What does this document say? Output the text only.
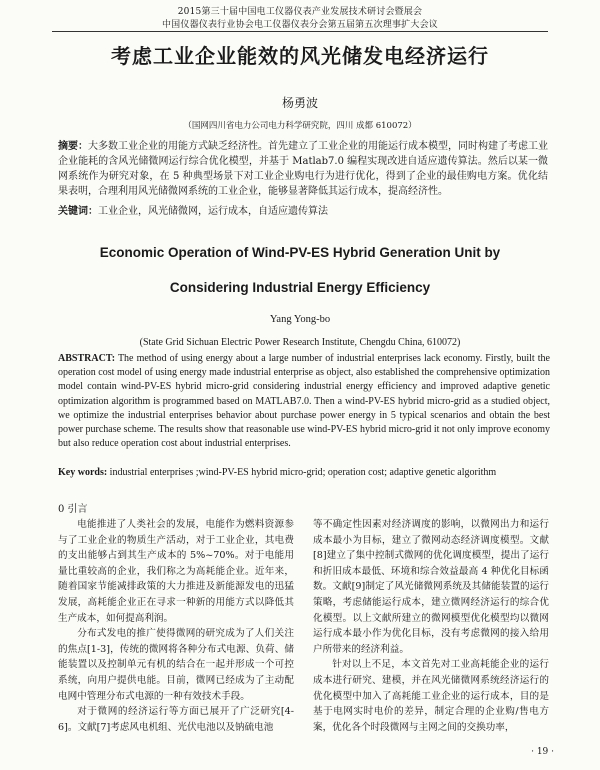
2015第三十届中国电工仪器仪表产业发展技术研讨会暨展会
中国仪器仪表行业协会电工仪器仪表分会第五届第五次理事扩大会议
考虑工业企业能效的风光储发电经济运行
杨勇波
（国网四川省电力公司电力科学研究院，四川 成都 610072）
摘要：大多数工业企业的用能方式缺乏经济性。首先建立了工业企业的用能运行成本模型，同时构建了考虑工业企业能耗的含风光储微网运行综合优化模型，并基于 Matlab7.0 编程实现改进自适应遗传算法。然后以某一微网系统作为研究对象，在 5 种典型场景下对工业企业购电行为进行优化，得到了企业的最佳购电方案。优化结果表明，合理利用风光储微网系统的工业企业，能够显著降低其运行成本，提高经济性。
关键词：工业企业，风光储微网，运行成本，自适应遗传算法
Economic Operation of Wind-PV-ES Hybrid Generation Unit by
Considering Industrial Energy Efficiency
Yang Yong-bo
(State Grid Sichuan Electric Power Research Institute, Chengdu China, 610072)
ABSTRACT: The method of using energy about a large number of industrial enterprises lack economy. Firstly, built the operation cost model of using energy made industrial enterprise as object, also established the comprehensive optimization model contain wind-PV-ES hybrid micro-grid considering industrial energy efficiency and improved adaptive genetic optimization algorithm is programmed based on MATLAB7.0. Then a wind-PV-ES hybrid micro-grid as a studied object, we optimize the industrial enterprises behavior about purchase power energy in 5 typical scenarios and obtain the best power purchase scheme. The results show that reasonable use wind-PV-ES hybrid micro-grid it not only improve economy but also reduce operation cost about industrial enterprises.
Key words: industrial enterprises ;wind-PV-ES hybrid micro-grid; operation cost; adaptive genetic algorithm
0 引言

电能推进了人类社会的发展，电能作为燃料资源参与了工业企业的物质生产活动，对于工业企业，其电费的支出能够占到其生产成本的 5%~70%。对于电能用量比重较高的企业，我们称之为高耗能企业。近年来，随着国家节能减排政策的大力推进及新能源发电的迅猛发展，高耗能企业正在寻求一种新的用能方式以降低其生产成本，如何提高利润。

分布式发电的推广使得微网的研究成为了人们关注的焦点[1-3]，传统的微网将各种分布式电源、负荷、储能装置以及控制单元有机的结合在一起并形成一个可控系统，向用户提供电能。目前，微网已经成为了主动配电网中管理分布式电源的一种有效技术手段。

对于微网的经济运行等方面已展开了广泛研究[4-6]。文献[7]考虑风电机组、光伏电池以及钠硫电池

等不确定性因素对经济调度的影响，以微网出力和运行成本最小为目标，建立了微网动态经济调度模型。文献[8]建立了集中控制式微网的优化调度模型，提出了运行和折旧成本最低、环境和综合效益最高 4 种优化目标函数。文献[9]制定了风光储微网系统及其储能装置的运行策略，考虑储能运行成本，建立微网经济运行的综合优化模型。以上文献所建立的微网模型优化模型均以微网运行成本最小作为优化目标，没有考虑微网的接入给用户所带来的经济利益。

针对以上不足，本文首先对工业高耗能企业的运行成本进行研究、建模，并在风光储微网系统经济运行的优化模型中加入了高耗能工业企业的运行成本，目的是基于电网实时电价的差异，制定合理的企业购/售电方案，优化各个时段微网与主网之间的交换功率，

· 19 ·
